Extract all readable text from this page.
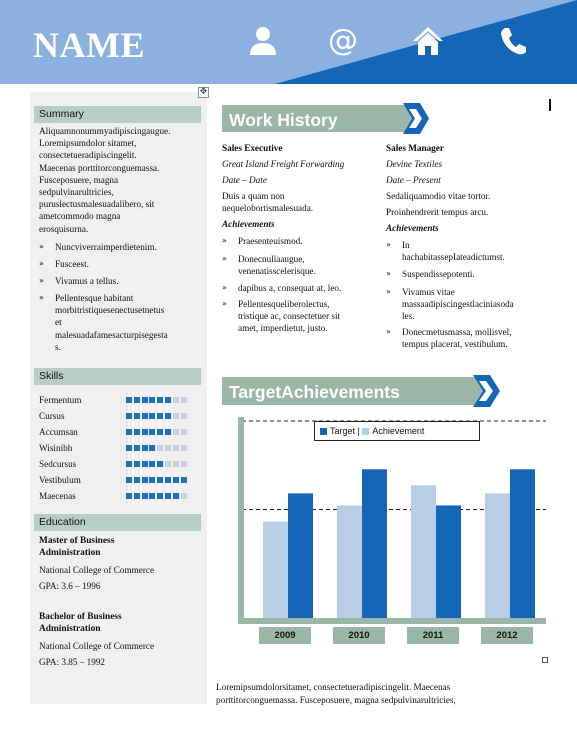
NAME	@
✥
Summary
Aliquamnonummyadipiscingaugue.
Loremipsumdolor sitamet,
consectetueradipiscingelit.
Maecenas porttitorconguemassa.
Fusceposuere, magna
sedpulvinarultricies,
puruslectusmalesuadalibero, sit
ametcommodo magna
erosquisurna.
» Nuncviverraimperdietenim.
» Fusceest.
» Vivamus a tellus.
» Pellentesque habitant
morbitristiquesenectusetnetus
et
malesuadafamesacturpisegesta
s.
Skills
Fermentum
Cursus
Accumsan
Wisinibh
Sedcursus
Vestibulum
Maecenas
Education
Master of Business
Administration
National College of Commerce
GPA: 3.6 – 1996
Bachelor of Business
Administration
National College of Commerce
GPA: 3.85 – 1992
Work History
Sales Executive
Great Island Freight Forwarding
Date – Date
Duis a quam non
nequelobortismalesuada.
Achievements
» Praesenteuismod.
» Donecnullaaugue,
venenatisscelerisque.
» dapibus a, consequat at, leo.
» Pellentesqueliberolectus,
tristique ac, consectetuer sit
amet, imperdietut, justo.
Sales Manager
Devine Textiles
Date – Present
Sedaliquamodio vitae tortor.
Proinhendrerit tempus arcu.
Achievements
» In
hachabitassepIateadictumst.
» Suspendissepotenti.
» Vivamus vitae
massaadipiscingestlaciniasoda
les.
» Donecmetusmassa, mollisvel,
tempus placerat, vestibulum.
TargetAchievements
Target | Achievement
2009	2010	2011	2012
Loremipsumdolorsitamet, consectetueradipiscingelit. Maecenas
porttitorconguemassa. Fusceposuere, magna sedpulvinarultricies,
